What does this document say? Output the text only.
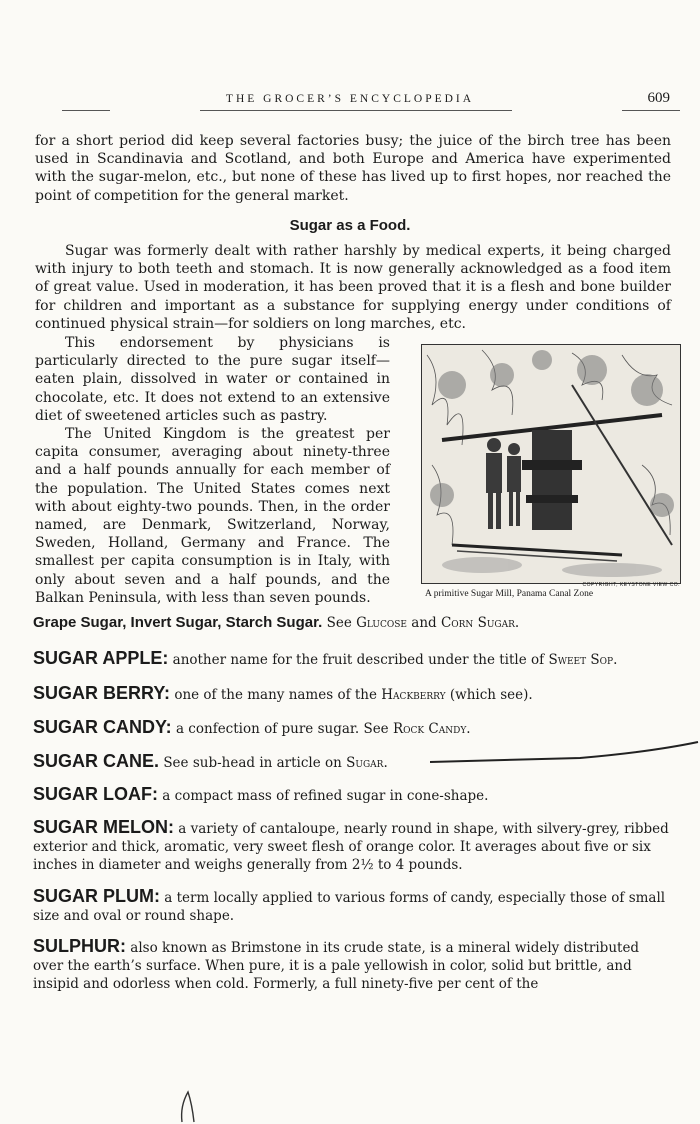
THE GROCER’S ENCYCLOPEDIA	609

for a short period did keep several factories busy; the juice of the birch tree has been used in Scandinavia and Scotland, and both Europe and America have experimented with the sugar-melon, etc., but none of these has lived up to first hopes, nor reached the point of competition for the general market.

Sugar as a Food.

Sugar was formerly dealt with rather harshly by medical experts, it being charged with injury to both teeth and stomach. It is now generally acknowledged as a food item of great value. Used in moderation, it has been proved that it is a flesh and bone builder for children and important as a substance for supplying energy under conditions of continued physical strain—for soldiers on long marches, etc.

This endorsement by physicians is particularly directed to the pure sugar itself—eaten plain, dissolved in water or contained in chocolate, etc. It does not extend to an extensive diet of sweetened articles such as pastry.

The United Kingdom is the greatest per capita consumer, averaging about ninety-three and a half pounds annually for each member of the population. The United States comes next with about eighty-two pounds. Then, in the order named, are Denmark, Switzerland, Norway, Sweden, Holland, Germany and France. The smallest per capita consumption is in Italy, with only about seven and a half pounds, and the Balkan Peninsula, with less than seven pounds.

COPYRIGHT, KEYSTONE VIEW CO.
A primitive Sugar Mill, Panama Canal Zone
Grape Sugar, Invert Sugar, Starch Sugar. See Glucose and Corn Sugar.
SUGAR APPLE: another name for the fruit described under the title of Sweet Sop.
SUGAR BERRY: one of the many names of the Hackberry (which see).
SUGAR CANDY: a confection of pure sugar. See Rock Candy.
SUGAR CANE. See sub-head in article on Sugar.
SUGAR LOAF: a compact mass of refined sugar in cone-shape.
SUGAR MELON: a variety of cantaloupe, nearly round in shape, with silvery-grey, ribbed exterior and thick, aromatic, very sweet flesh of orange color. It averages about five or six inches in diameter and weighs generally from 2½ to 4 pounds.
SUGAR PLUM: a term locally applied to various forms of candy, especially those of small size and oval or round shape.
SULPHUR: also known as Brimstone in its crude state, is a mineral widely distributed over the earth’s surface. When pure, it is a pale yellowish in color, solid but brittle, and insipid and odorless when cold. Formerly, a full ninety-five per cent of the
